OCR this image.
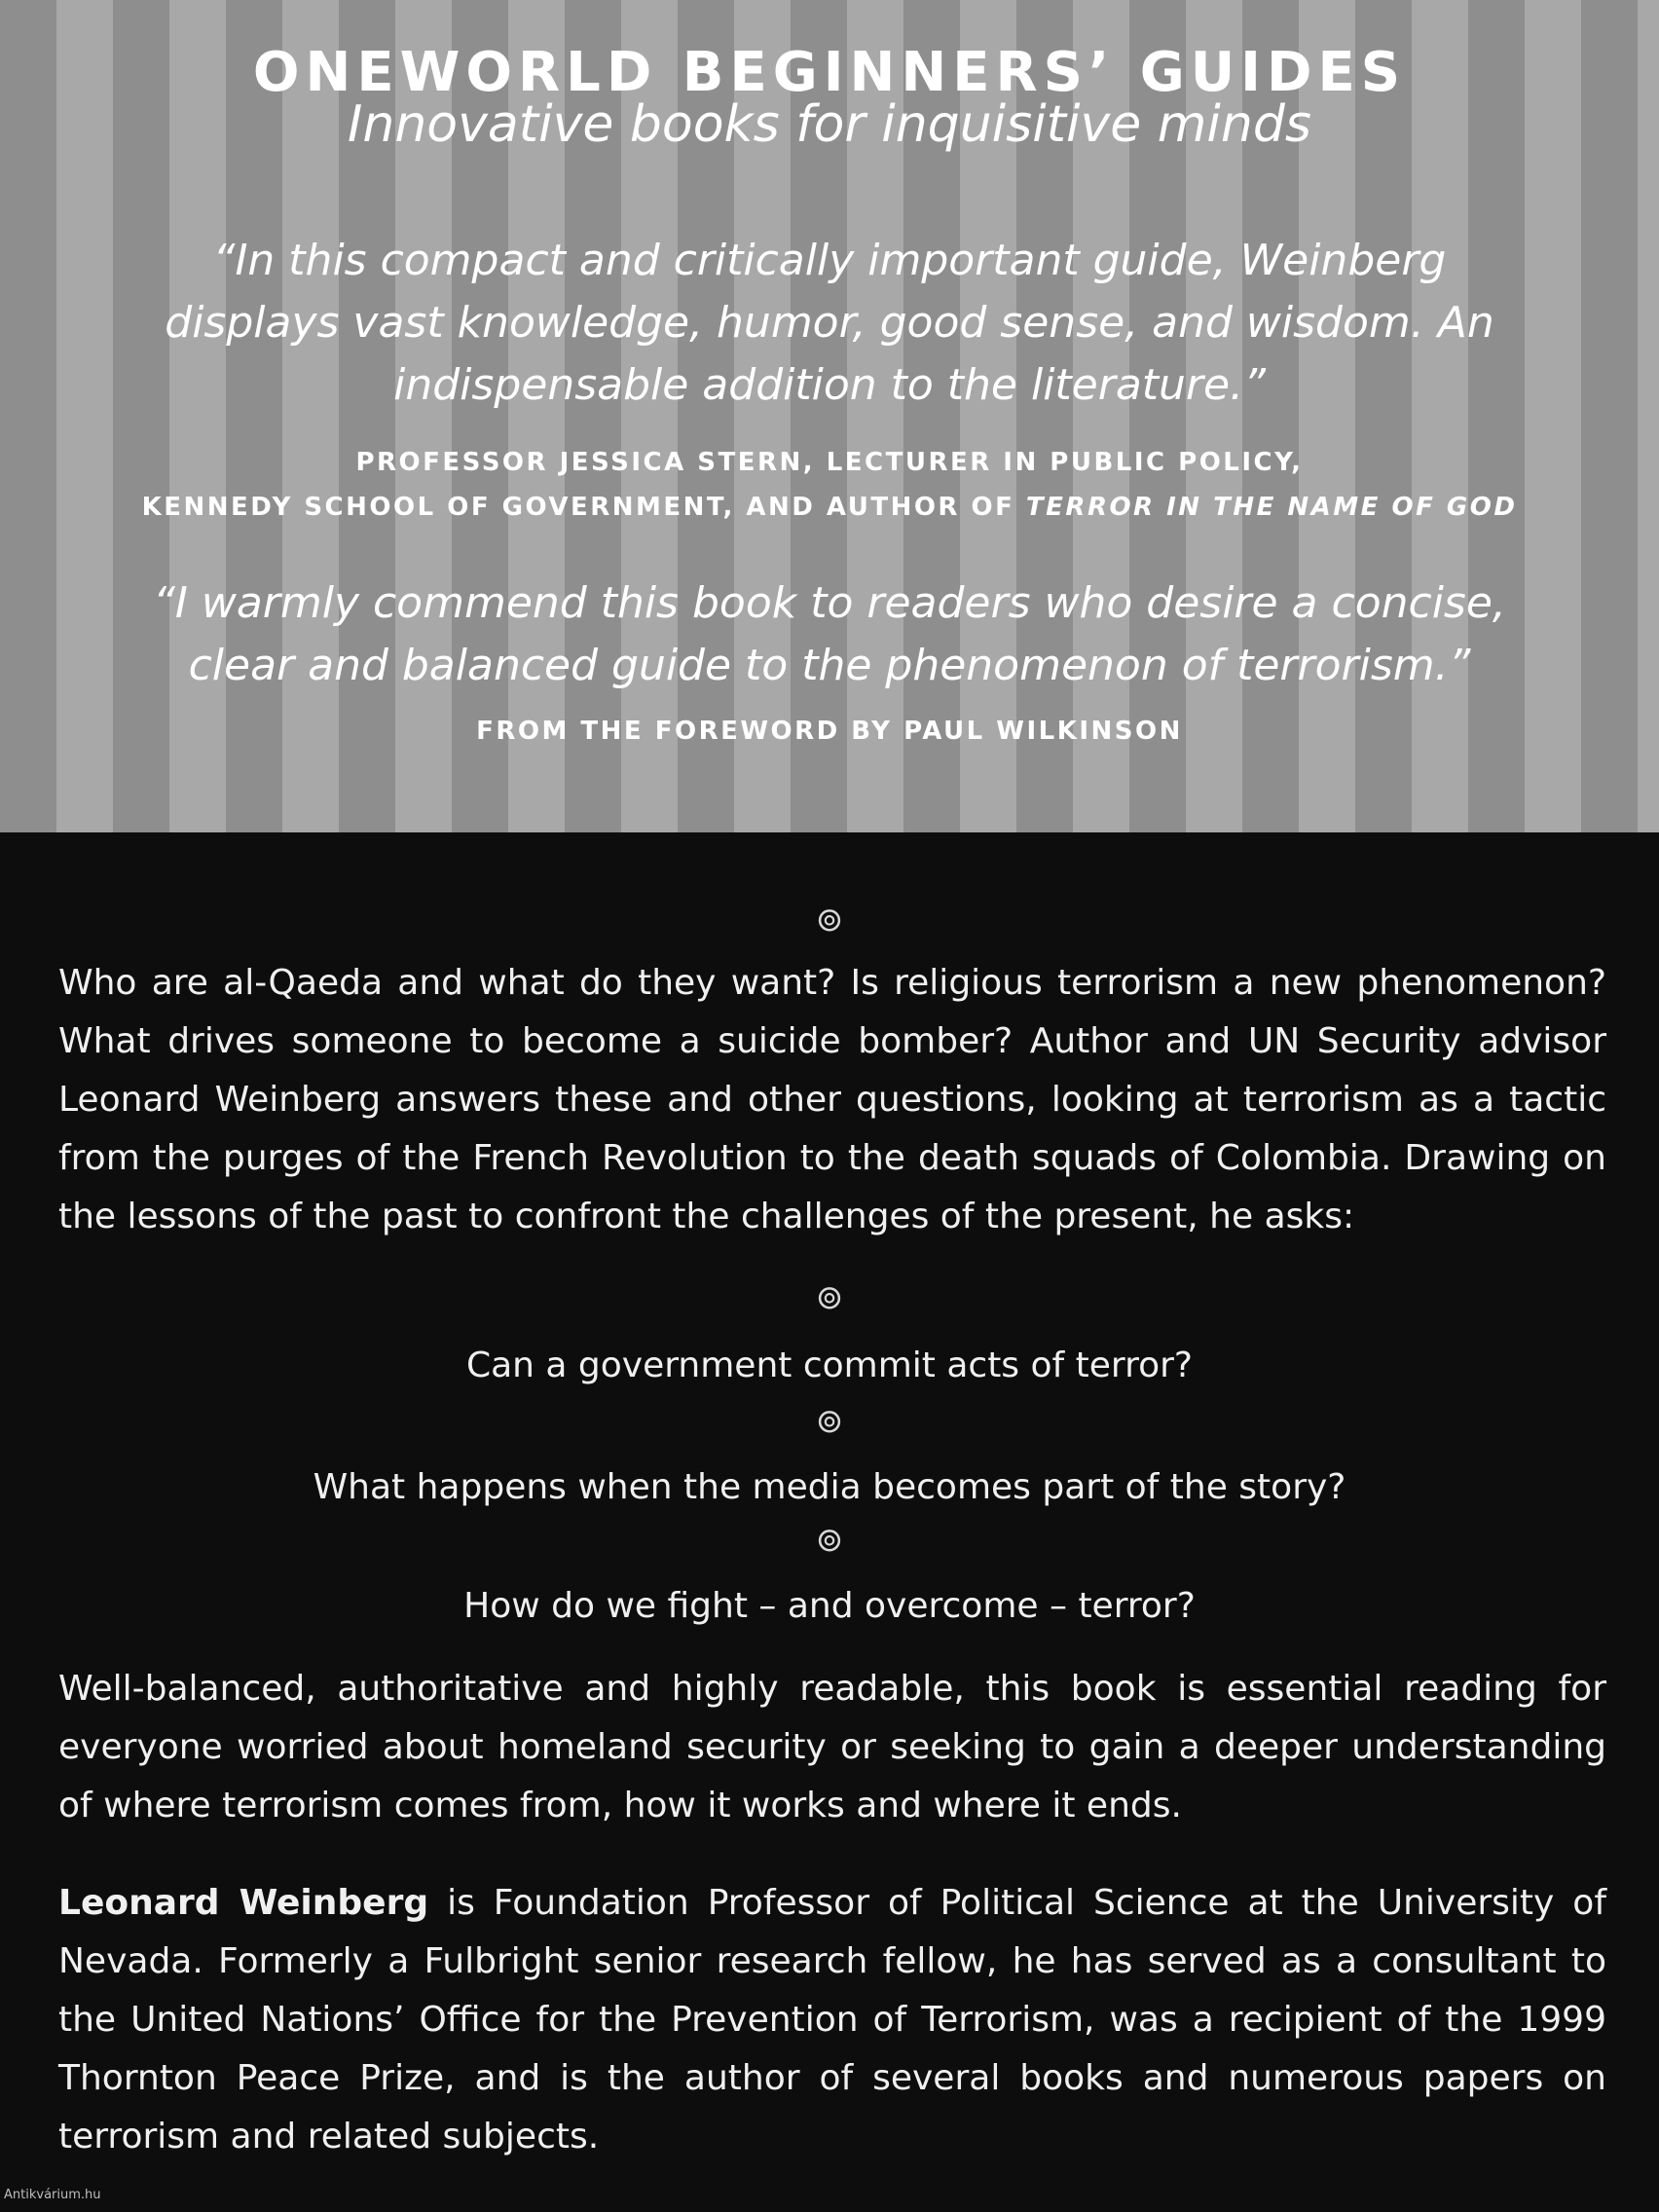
ONEWORLD BEGINNERS’ GUIDES
Innovative books for inquisitive minds

“In this compact and critically important guide, Weinberg displays vast knowledge, humor, good sense, and wisdom. An indispensable addition to the literature.”

PROFESSOR JESSICA STERN, LECTURER IN PUBLIC POLICY,
KENNEDY SCHOOL OF GOVERNMENT, AND AUTHOR OF TERROR IN THE NAME OF GOD

“I warmly commend this book to readers who desire a concise, clear and balanced guide to the phenomenon of terrorism.”

FROM THE FOREWORD BY PAUL WILKINSON
⊚

Who are al-Qaeda and what do they want? Is religious terrorism a new phenomenon? What drives someone to become a suicide bomber? Author and UN Security advisor Leonard Weinberg answers these and other questions, looking at terrorism as a tactic from the purges of the French Revolution to the death squads of Colombia. Drawing on the lessons of the past to confront the challenges of the present, he asks:

⊚

Can a government commit acts of terror?

⊚

What happens when the media becomes part of the story?

⊚

How do we fight – and overcome – terror?

Well-balanced, authoritative and highly readable, this book is essential reading for everyone worried about homeland security or seeking to gain a deeper understanding of where terrorism comes from, how it works and where it ends.

Leonard Weinberg is Foundation Professor of Political Science at the University of Nevada. Formerly a Fulbright senior research fellow, he has served as a consultant to the United Nations’ Office for the Prevention of Terrorism, was a recipient of the 1999 Thornton Peace Prize, and is the author of several books and numerous papers on terrorism and related subjects.

Antikvárium.hu
